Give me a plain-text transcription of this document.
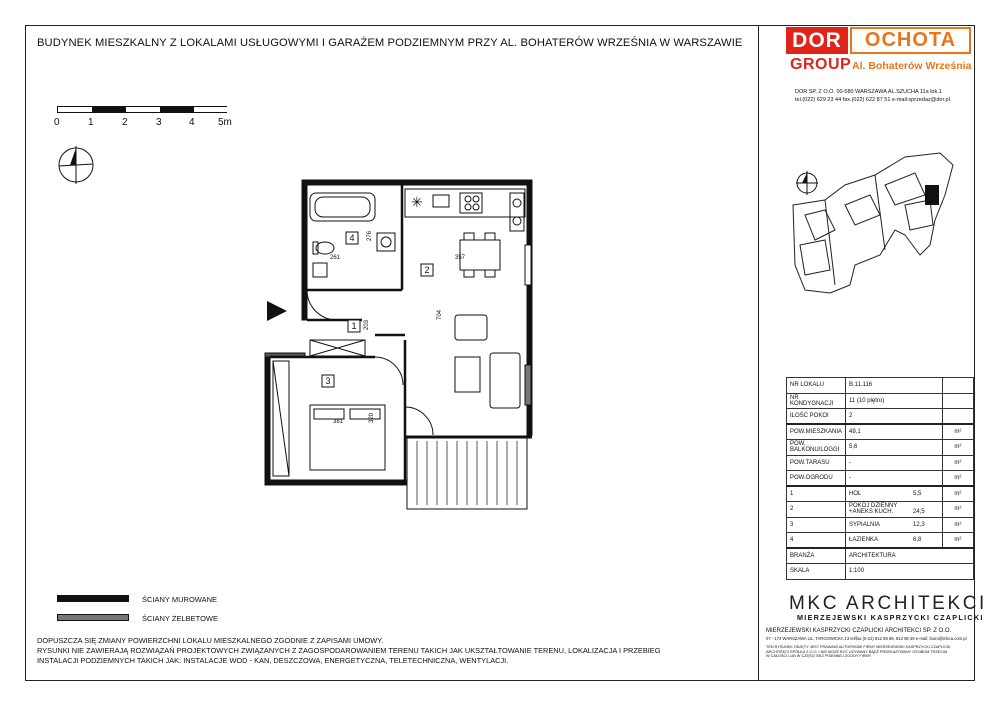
BUDYNEK MIESZKALNY Z LOKALAMI USŁUGOWYMI I GARAŻEM PODZIEMNYM PRZY AL. BOHATERÓW WRZEŚNIA W WARSZAWIE DOR	OCHOTA
GROUP Al. Bohaterów Września
DOR SP. Z O.O. 00-580 WARSZAWA AL.SZUCHA 11a lok.1
tel.(022) 629 23 44 fax.(022) 622 87 51 e-mail:sprzedaz@dor.pl
0	1	2	3	4 5m
✳
4
2
1
3
261
276
357
203
704
381	320
NR LOKALU	B.11.116	
NR KONDYGNACJI	11 (10 piętro)	
ILOŚĆ POKOI	2	
POW.MIESZKANIA	49,1	m²
POW. BALKONU/LOGGI	5,6	m²
POW.TARASU	-	m²
POW.OGRODU	-	m²
1	HOL 5,5	m²
2	POKÓJ DZIENNY +ANEKS KUCH. 24,5	m²
3	SYPIALNIA 12,3	m²
4	ŁAZIENKA 6,8	m²
BRANŻA	ARCHITEKTURA	
SKALA	1:100	
MKC ARCHITEKCI
MIERZEJEWSKI KASPRZYCKI CZAPLICKI
MIERZEJEWSKI KASPRZYCKI CZAPLICKI ARCHITEKCI SP. Z O.O.
07 - 174 WARSZAWA UL. TARGOWICKA 13 tel/fax (0-22) 812 86 86, 812 98 49 e-mail: biuro@mkca.com.pl
TEN RYSUNEK OBJĘTY JEST PRAWAMI AUTORSKIMI FIRMY MIERZEJEWSKI KASPRZYCKI CZAPLICKI
ARCHITEKCI SPÓŁKA Z O.O. I NIE MOŻE BYĆ UŻYWANY BĄDŹ PRZEKAZYWANY OSOBOM TRZECIM
W CAŁOŚCI LUB W CZĘŚCI BEZ PISEMNEJ ZGODY FIRMY
ŚCIANY MUROWANE
ŚCIANY ŻELBETOWE
DOPUSZCZA SIĘ ZMIANY POWIERZCHNI LOKALU MIESZKALNEGO ZGODNIE Z ZAPISAMI UMOWY.
RYSUNKI NIE ZAWIERAJĄ ROZWIĄZAŃ PROJEKTOWYCH ZWIĄZANYCH Z ZAGOSPODAROWANIEM TERENU TAKICH JAK UKSZTAŁTOWANIE TERENU, LOKALIZACJA I PRZEBIEG
INSTALACJI PODZIEMNYCH TAKICH JAK: INSTALACJE WOD - KAN, DESZCZOWA, ENERGETYCZNA, TELETECHNICZNA, WENTYLACJI.
